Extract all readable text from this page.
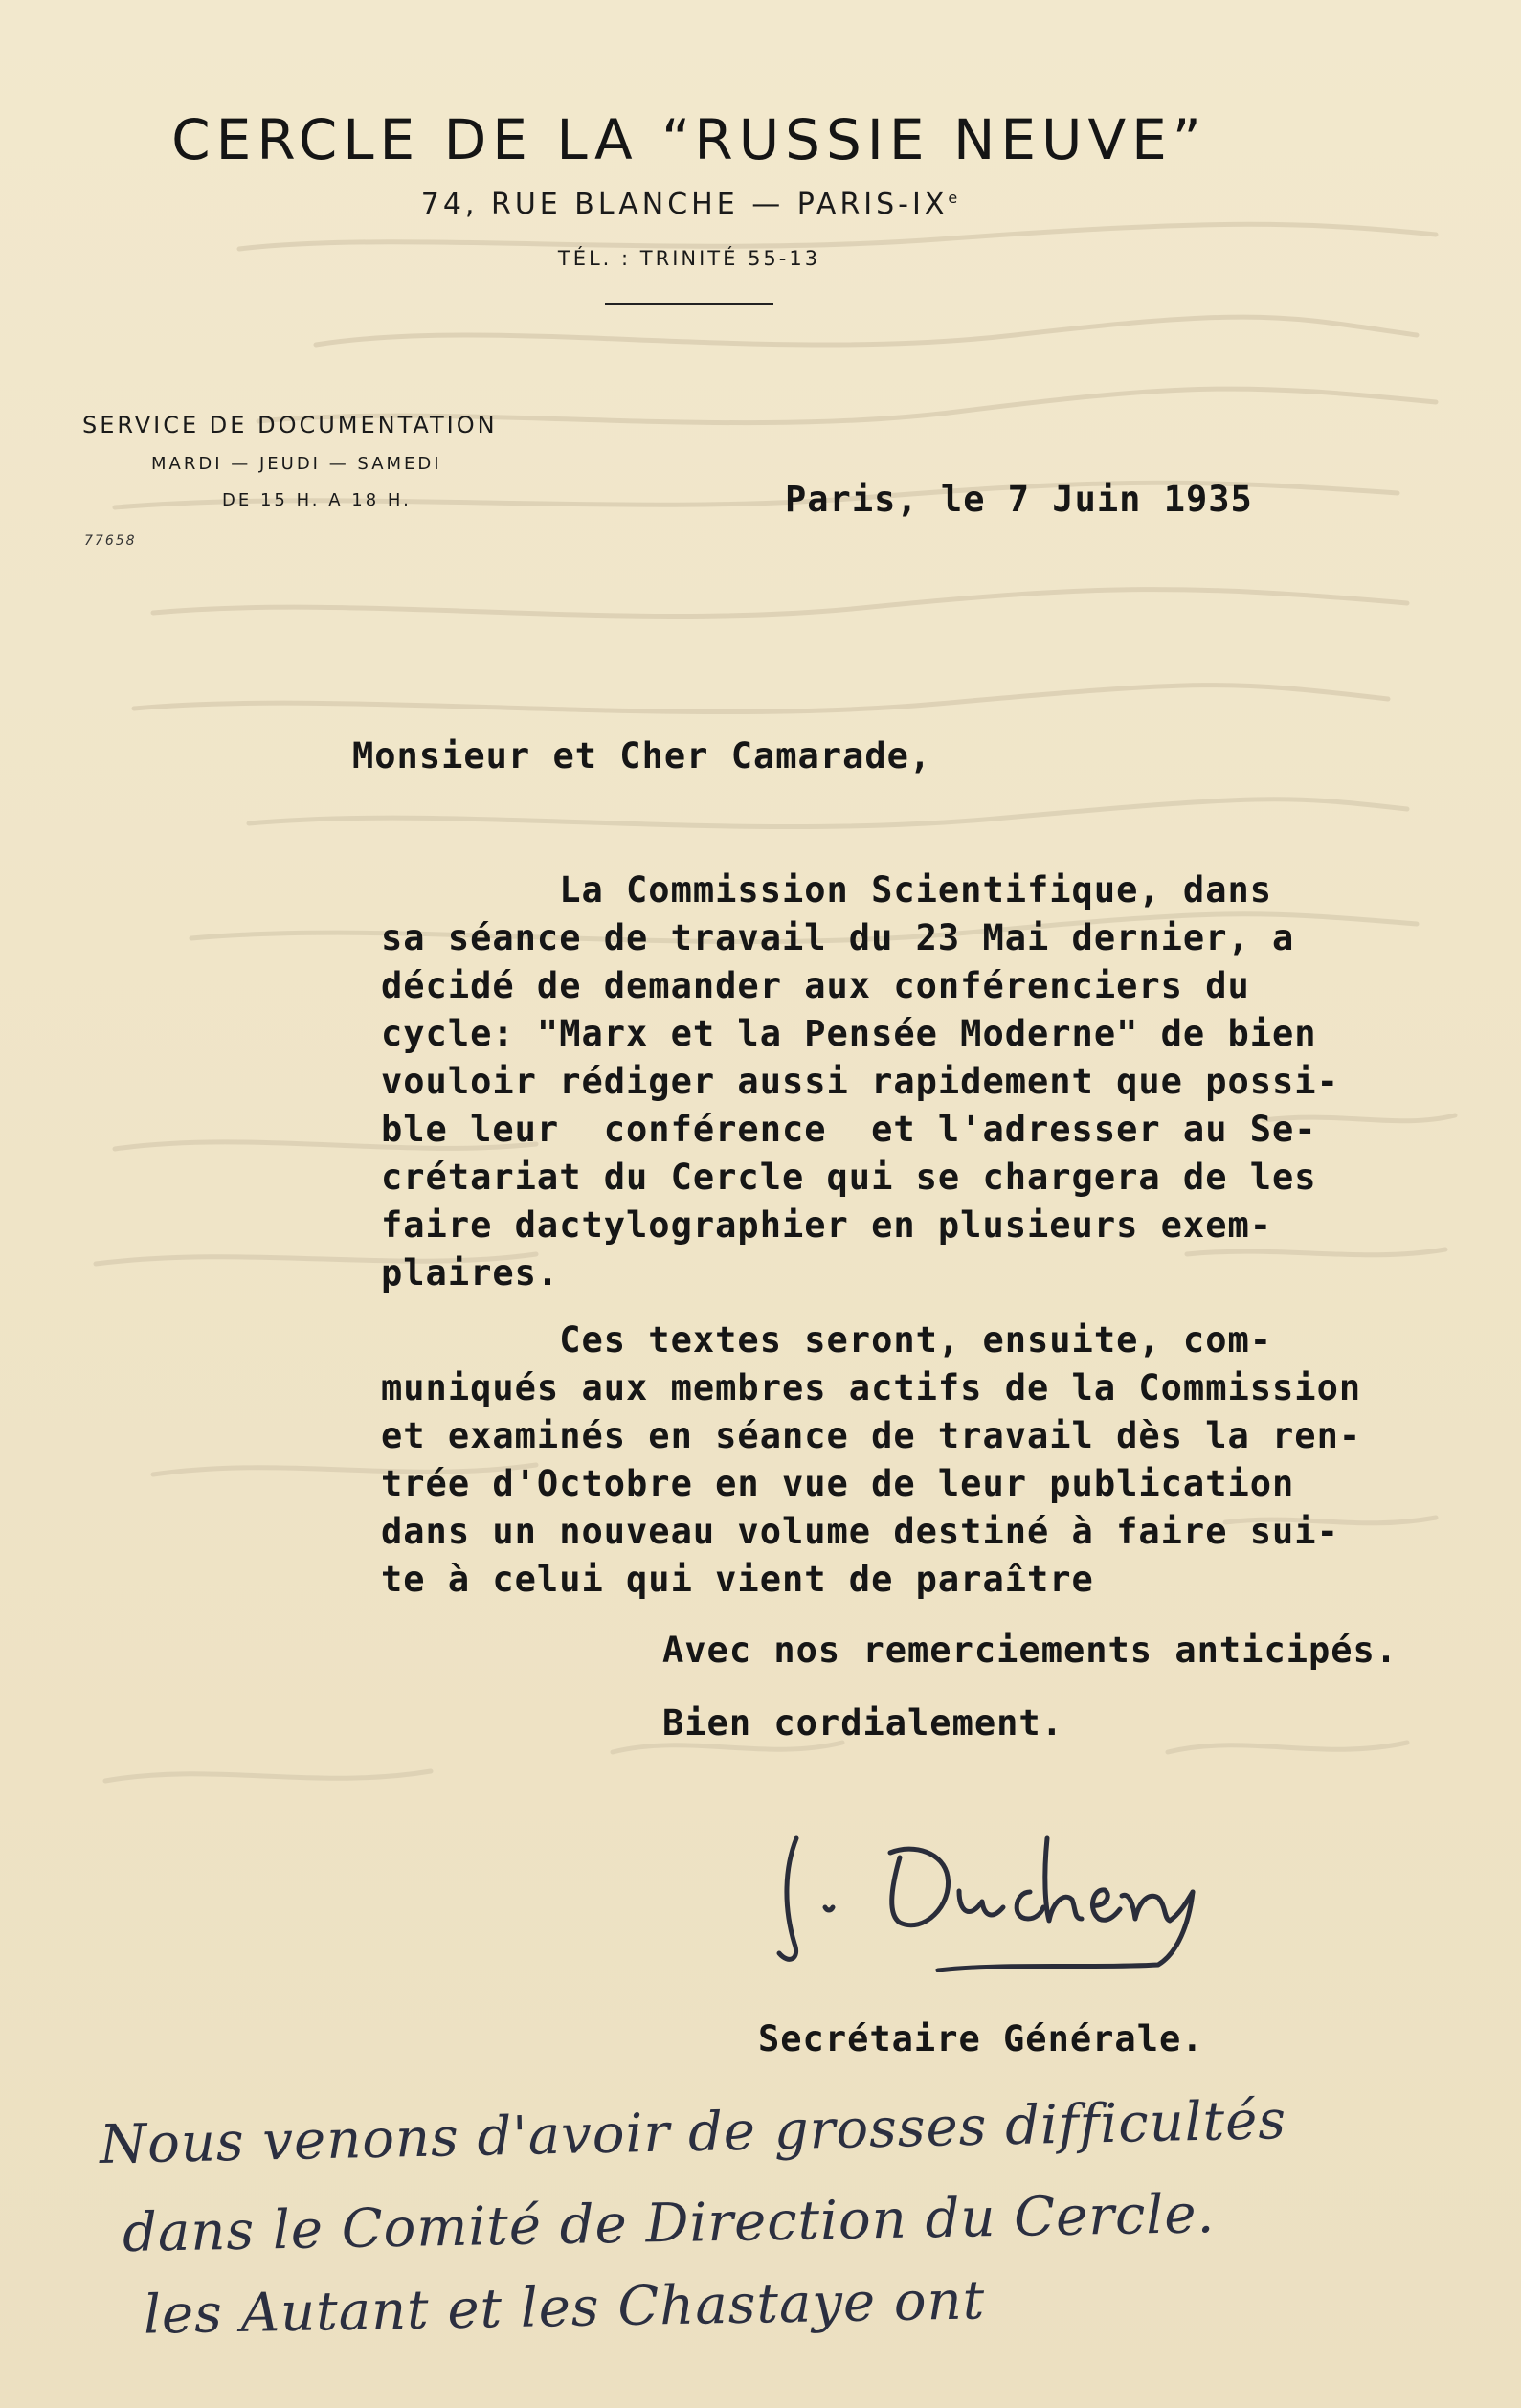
CERCLE DE LA “RUSSIE NEUVE”
74, RUE BLANCHE — PARIS-IXe
TÉL. : TRINITÉ 55-13
SERVICE DE DOCUMENTATION
MARDI — JEUDI — SAMEDI
DE 15 H. A 18 H.
77658
Paris, le 7 Juin 1935
Monsieur et Cher Camarade,
La Commission Scientifique, dans
sa séance de travail du 23 Mai dernier, a
décidé de demander aux conférenciers du
cycle: "Marx et la Pensée Moderne" de bien
vouloir rédiger aussi rapidement que possi-
ble leur  conférence  et l'adresser au Se-
crétariat du Cercle qui se chargera de les
faire dactylographier en plusieurs exem-
plaires.
Ces textes seront, ensuite, com-
muniqués aux membres actifs de la Commission
et examinés en séance de travail dès la ren-
trée d'Octobre en vue de leur publication
dans un nouveau volume destiné à faire sui-
te à celui qui vient de paraître
Avec nos remerciements anticipés.
Bien cordialement.
Secrétaire Générale.
Nous venons d'avoir de grosses difficultés
dans le Comité de Direction du Cercle.
les Autant et les Chastaye ont
